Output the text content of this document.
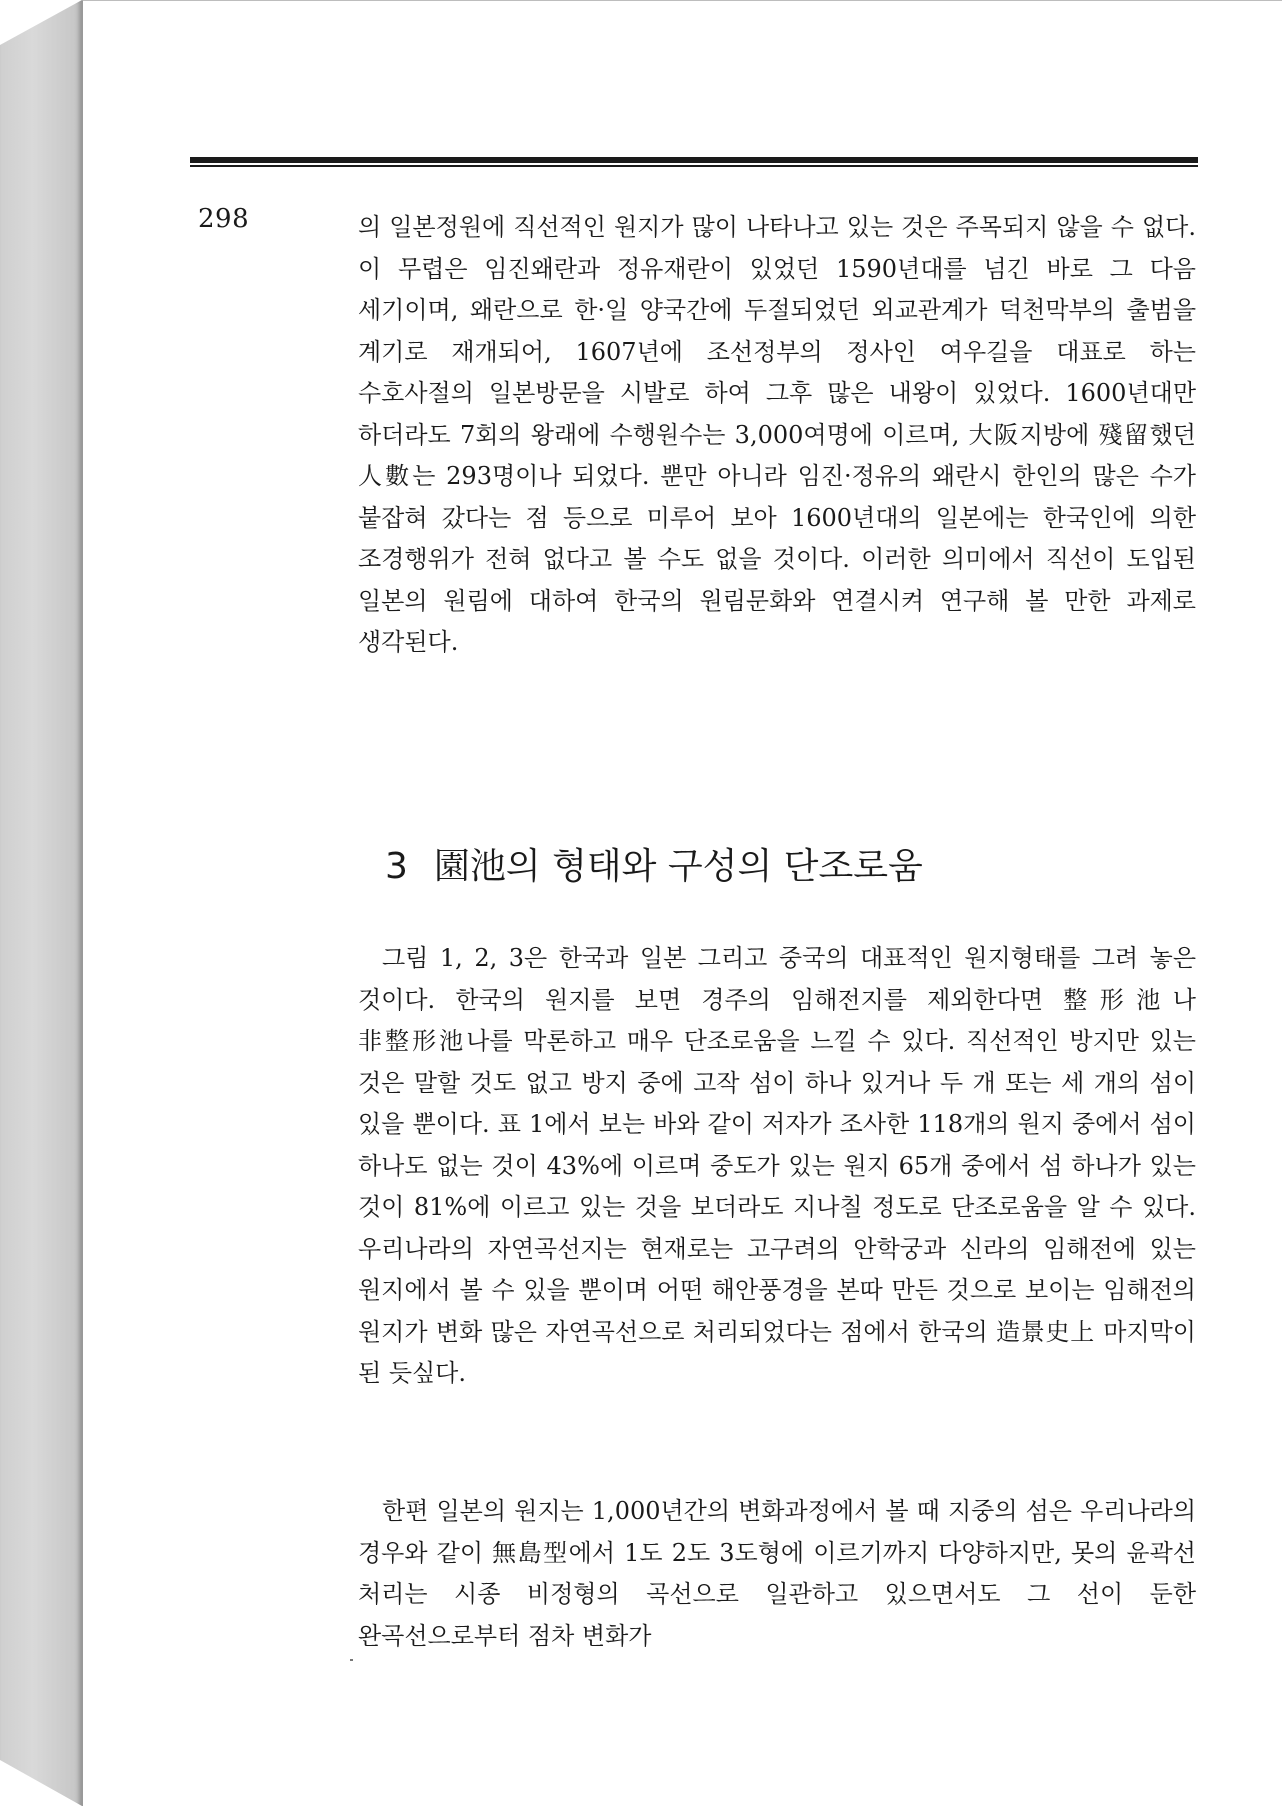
298	의 일본정원에 직선적인 원지가 많이 나타나고 있는 것은 주목되지 않을 수 없다. 이 무렵은 임진왜란과 정유재란이 있었던 1590년대를 넘긴 바로 그 다음 세기이며, 왜란으로 한·일 양국간에 두절되었던 외교관계가 덕천막부의 출범을 계기로 재개되어, 1607년에 조선정부의 정사인 여우길을 대표로 하는 수호사절의 일본방문을 시발로 하여 그후 많은 내왕이 있었다. 1600년대만 하더라도 7회의 왕래에 수행원수는 3,000여명에 이르며, 大阪지방에 殘留했던 人數는 293명이나 되었다. 뿐만 아니라 임진·정유의 왜란시 한인의 많은 수가 붙잡혀 갔다는 점 등으로 미루어 보아 1600년대의 일본에는 한국인에 의한 조경행위가 전혀 없다고 볼 수도 없을 것이다. 이러한 의미에서 직선이 도입된 일본의 원림에 대하여 한국의 원림문화와 연결시켜 연구해 볼 만한 과제로 생각된다.

3 園池의 형태와 구성의 단조로움

그림 1, 2, 3은 한국과 일본 그리고 중국의 대표적인 원지형태를 그려 놓은 것이다. 한국의 원지를 보면 경주의 임해전지를 제외한다면 整形池나 非整形池나를 막론하고 매우 단조로움을 느낄 수 있다. 직선적인 방지만 있는 것은 말할 것도 없고 방지 중에 고작 섬이 하나 있거나 두 개 또는 세 개의 섬이 있을 뿐이다. 표 1에서 보는 바와 같이 저자가 조사한 118개의 원지 중에서 섬이 하나도 없는 것이 43%에 이르며 중도가 있는 원지 65개 중에서 섬 하나가 있는 것이 81%에 이르고 있는 것을 보더라도 지나칠 정도로 단조로움을 알 수 있다. 우리나라의 자연곡선지는 현재로는 고구려의 안학궁과 신라의 임해전에 있는 원지에서 볼 수 있을 뿐이며 어떤 해안풍경을 본따 만든 것으로 보이는 임해전의 원지가 변화 많은 자연곡선으로 처리되었다는 점에서 한국의 造景史上 마지막이 된 듯싶다.

한편 일본의 원지는 1,000년간의 변화과정에서 볼 때 지중의 섬은 우리나라의 경우와 같이 無島型에서 1도 2도 3도형에 이르기까지 다양하지만, 못의 윤곽선 처리는 시종 비정형의 곡선으로 일관하고 있으면서도 그 선이 둔한 완곡선으로부터 점차 변화가
